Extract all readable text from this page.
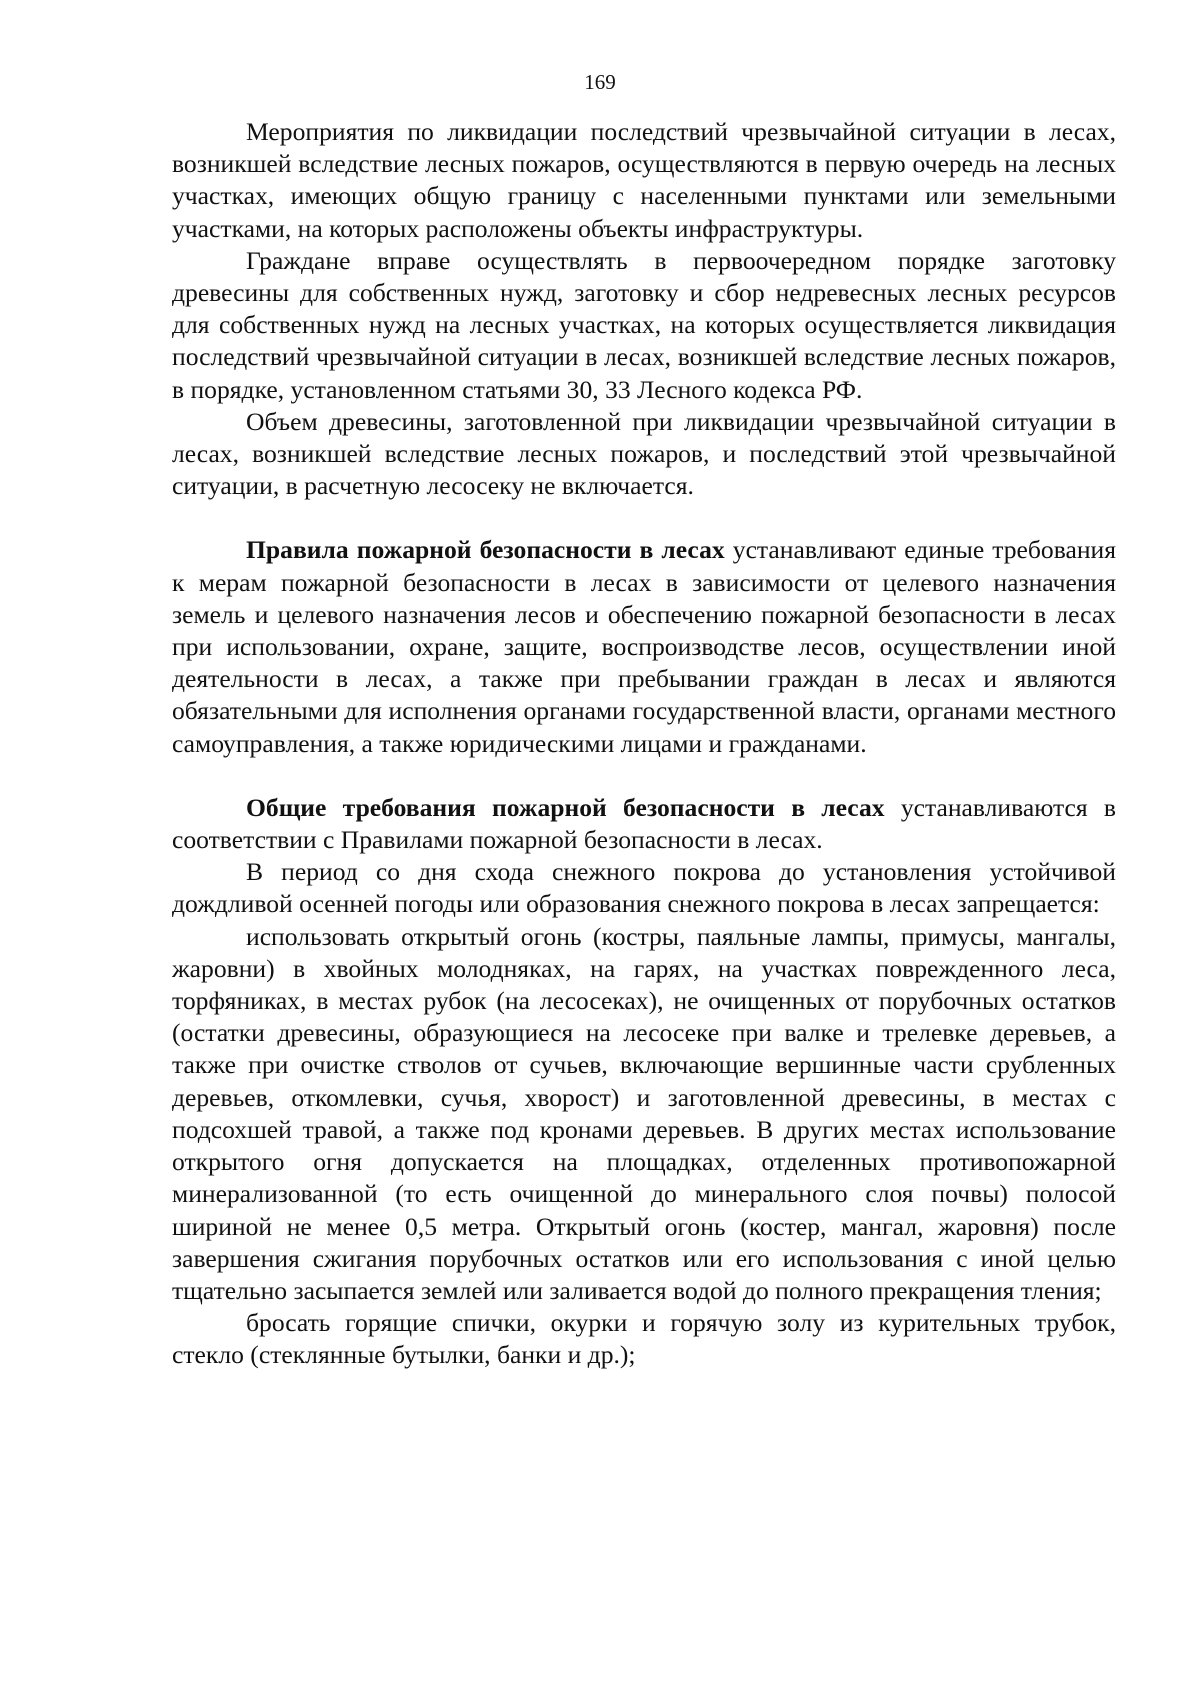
169

Мероприятия по ликвидации последствий чрезвычайной ситуации в лесах, возникшей вследствие лесных пожаров, осуществляются в первую очередь на лесных участках, имеющих общую границу с населенными пунктами или земельными участками, на которых расположены объекты инфраструктуры.

Граждане вправе осуществлять в первоочередном порядке заготовку древесины для собственных нужд, заготовку и сбор недревесных лесных ресурсов для собственных нужд на лесных участках, на которых осуществляется ликвидация последствий чрезвычайной ситуации в лесах, возникшей вследствие лесных пожаров, в порядке, установленном статьями 30, 33 Лесного кодекса РФ.

Объем древесины, заготовленной при ликвидации чрезвычайной ситуации в лесах, возникшей вследствие лесных пожаров, и последствий этой чрезвычайной ситуации, в расчетную лесосеку не включается.

Правила пожарной безопасности в лесах устанавливают единые требования к мерам пожарной безопасности в лесах в зависимости от целевого назначения земель и целевого назначения лесов и обеспечению пожарной безопасности в лесах при использовании, охране, защите, воспроизводстве лесов, осуществлении иной деятельности в лесах, а также при пребывании граждан в лесах и являются обязательными для исполнения органами государственной власти, органами местного самоуправления, а также юридическими лицами и гражданами.

Общие требования пожарной безопасности в лесах устанавливаются в соответствии с Правилами пожарной безопасности в лесах.

В период со дня схода снежного покрова до установления устойчивой дождливой осенней погоды или образования снежного покрова в лесах запрещается:

использовать открытый огонь (костры, паяльные лампы, примусы, мангалы, жаровни) в хвойных молодняках, на гарях, на участках поврежденного леса, торфяниках, в местах рубок (на лесосеках), не очищенных от порубочных остатков (остатки древесины, образующиеся на лесосеке при валке и трелевке деревьев, а также при очистке стволов от сучьев, включающие вершинные части срубленных деревьев, откомлевки, сучья, хворост) и заготовленной древесины, в местах с подсохшей травой, а также под кронами деревьев. В других местах использование открытого огня допускается на площадках, отделенных противопожарной минерализованной (то есть очищенной до минерального слоя почвы) полосой шириной не менее 0,5 метра. Открытый огонь (костер, мангал, жаровня) после завершения сжигания порубочных остатков или его использования с иной целью тщательно засыпается землей или заливается водой до полного прекращения тления;

бросать горящие спички, окурки и горячую золу из курительных трубок, стекло (стеклянные бутылки, банки и др.);
